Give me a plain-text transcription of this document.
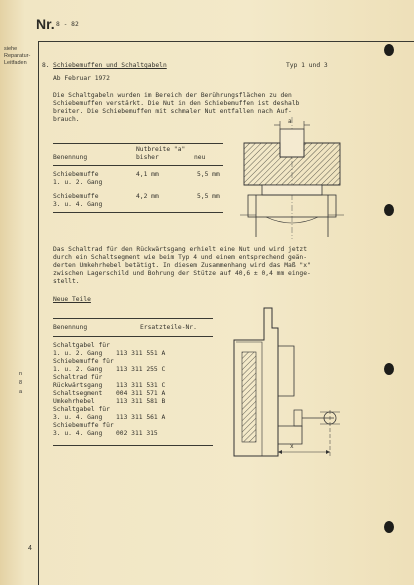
Nr. 8 - 82
siehe Reparatur-Leitfaden
n
8
a
8. Schiebemuffen und Schaltgabeln	Typ 1 und 3
Ab Februar 1972
Die Schaltgabeln wurden im Bereich der Berührungsflächen zu den
Schiebemuffen verstärkt. Die Nut in den Schiebemuffen ist deshalb
breiter. Die Schiebemuffen mit schmaler Nut entfallen nach Auf-
brauch.
Nutbreite "a"
bisher	neu
Benennung
Schiebemuffe
1. u. 2. Gang
4,1 mm	5,5 mm
Schiebemuffe
3. u. 4. Gang
4,2 mm	5,5 mm
a
Das Schaltrad für den Rückwärtsgang erhielt eine Nut und wird jetzt
durch ein Schaltsegment wie beim Typ 4 und einem entsprechend geän-
derten Umkehrhebel betätigt. In diesem Zusammenhang wird das Maß "x"
zwischen Lagerschild und Bohrung der Stütze auf 40,6 ± 0,4 mm einge-
stellt.
Neue Teile
Benennung	Ersatzteile-Nr.
Schaltgabel für
1. u. 2. Gang	113 311 551 A
Schiebemuffe für
1. u. 2. Gang	113 311 255 C
Schaltrad für
Rückwärtsgang 113 311 531 C
Schaltsegment 004 311 571 A
Umkehrhebel	113 311 581 B
Schaltgabel für
3. u. 4. Gang	113 311 561 A
Schiebemuffe für
3. u. 4. Gang	002 311 315
x
4
